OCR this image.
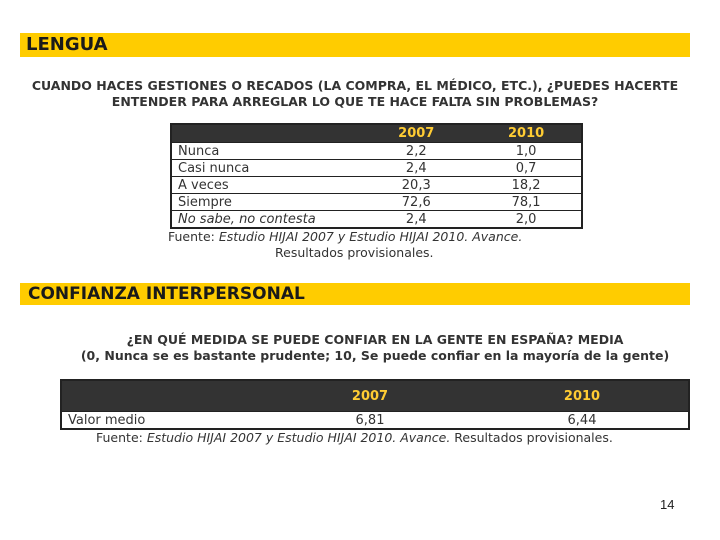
LENGUA
CUANDO HACES GESTIONES O RECADOS (LA COMPRA, EL MÉDICO, ETC.), ¿PUEDES HACERTE ENTENDER PARA ARREGLAR LO QUE TE HACE FALTA SIN PROBLEMAS?
	2007	2010
Nunca	2,2	1,0
Casi nunca	2,4	0,7
A veces	20,3	18,2
Siempre	72,6	78,1
No sabe, no contesta	2,4	2,0
Fuente: Estudio HIJAI 2007 y Estudio HIJAI 2010. Avance.
Resultados provisionales.
CONFIANZA INTERPERSONAL
¿EN QUÉ MEDIDA SE PUEDE CONFIAR EN LA GENTE EN ESPAÑA? MEDIA
(0, Nunca se es bastante prudente; 10, Se puede confiar en la mayoría de la gente)
	2007	2010
Valor medio	6,81	6,44
Fuente: Estudio HIJAI 2007 y Estudio HIJAI 2010. Avance. Resultados provisionales.
14
